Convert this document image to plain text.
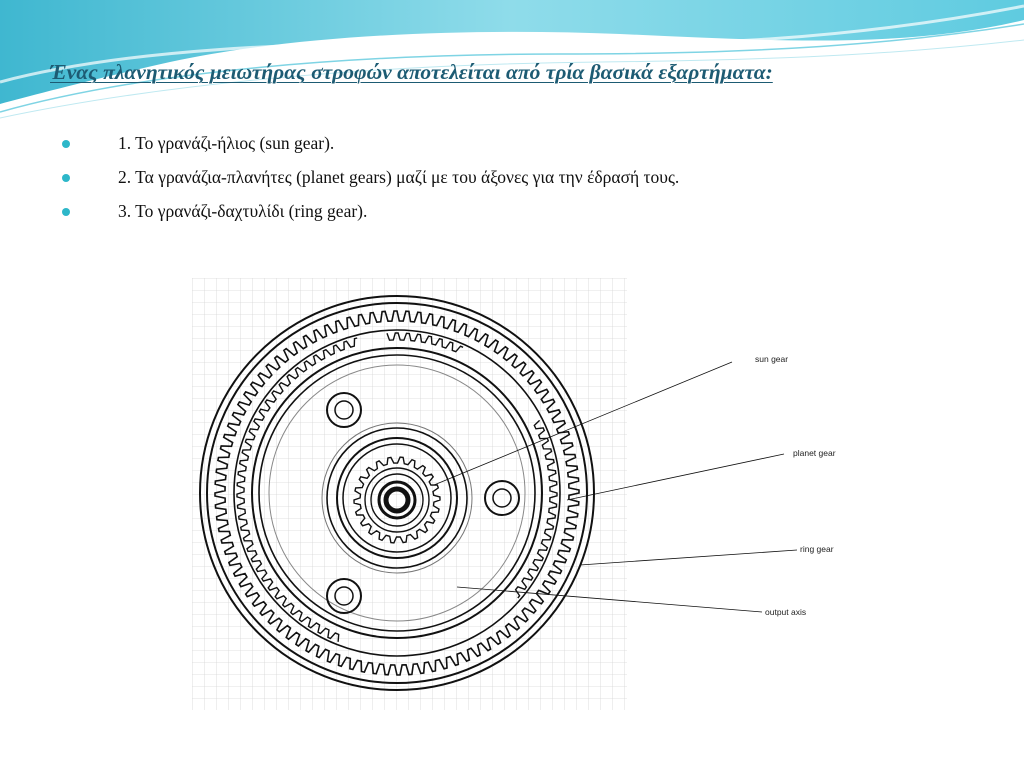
Ένας πλανητικός μειωτήρας στροφών αποτελείται από τρία βασικά εξαρτήματα:
1. Το γρανάζι-ήλιος (sun gear).
2. Τα γρανάζια-πλανήτες (planet gears) μαζί με του άξονες για την έδρασή τους.
3. Το γρανάζι-δαχτυλίδι (ring gear).
sun gear
planet gear
ring gear
output axis
